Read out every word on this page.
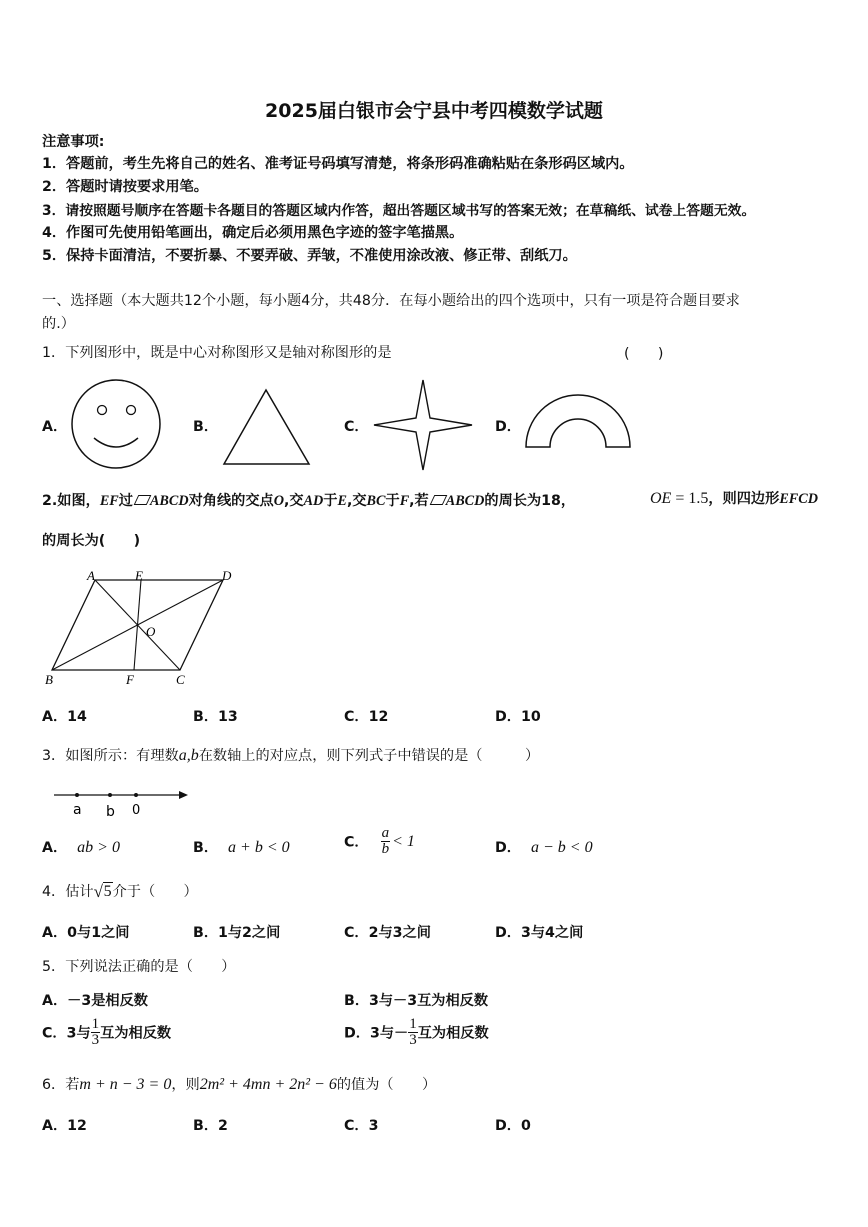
2025届白银市会宁县中考四模数学试题
注意事项:
1．答题前，考生先将自己的姓名、准考证号码填写清楚，将条形码准确粘贴在条形码区域内。
2．答题时请按要求用笔。
3．请按照题号顺序在答题卡各题目的答题区域内作答，超出答题区域书写的答案无效；在草稿纸、试卷上答题无效。
4．作图可先使用铅笔画出，确定后必须用黑色字迹的签字笔描黑。
5．保持卡面清洁，不要折暴、不要弄破、弄皱，不准使用涂改液、修正带、刮纸刀。
一、选择题（本大题共12个小题，每小题4分，共48分．在每小题给出的四个选项中，只有一项是符合题目要求
的.）
1．下列图形中，既是中心对称图形又是轴对称图形的是	(　　)
A．	B．	C．	D．
2.如图，EF过 ABCD对角线的交点O,交AD于E,交BC于F,若 ABCD的周长为18，	OE = 1.5，则四边形EFCD
的周长为(　　)
A	E	D
O
B	F	C
A．14	B．13	C．12	D．10
3．如图所示：有理数a,b在数轴上的对应点，则下列式子中错误的是（　　　）
a b 0
A． ab > 0	B． a + b < 0	C． $\frac{a}{b} < 1$	D． a − b < 0
4．估计 √ 5介于（　　）
A．0与1之间	B．1与2之间	C．2与3之间	D．3与4之间
5．下列说法正确的是（　　）
A．－3是相反数	B．3与－3互为相反数
C．3与 $\frac{1}{3}$ 互为相反数	D．3与－ $\frac{1}{3}$ 互为相反数
6．若m + n − 3 = 0，则2m² + 4mn + 2n² − 6的值为（　　）
A．12	B．2	C．3	D．0
